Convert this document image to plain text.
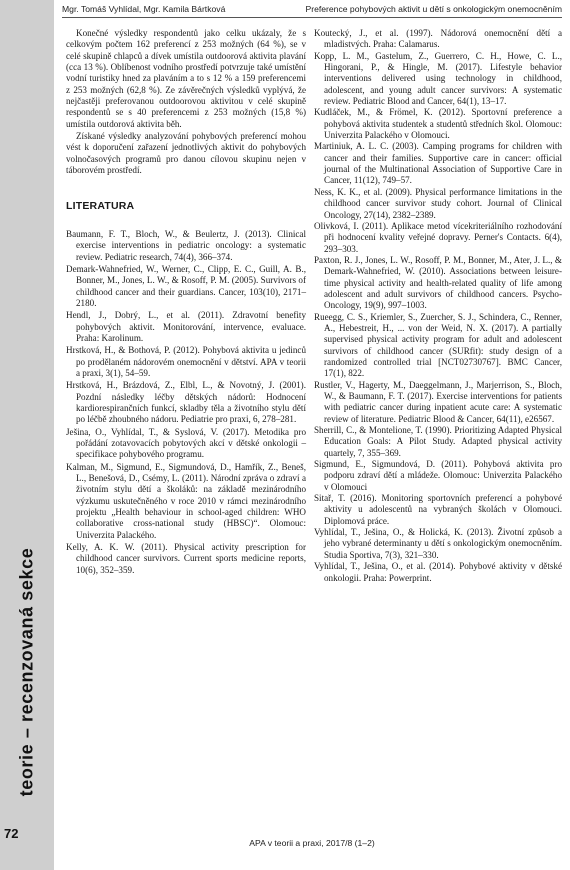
teorie – recenzovaná sekce
72
Mgr. Tomáš Vyhlídal, Mgr. Kamila Bártková	Preference pohybových aktivit u dětí s onkologickým onemocněním

Konečné výsledky respondentů jako celku ukázaly, že s celkovým počtem 162 preferencí z 253 možných (64 %), se v celé skupině chlapců a dívek umístila outdoorová aktivita plavání (cca 13 %). Oblíbenost vodního prostředí potvrzuje také umístění vodní turistiky hned za plaváním a to s 12 % a 159 preferencemi z 253 možných (62,8 %). Ze závěrečných výsledků vyplývá, že nejčastěji preferovanou outdoorovou aktivitou v celé skupině respondentů se s 40 preferencemi z 253 možných (15,8 %) umístila outdorová aktivita běh.

Získané výsledky analyzování pohybových preferencí mohou vést k doporučení zařazení jednotlivých aktivit do pohybových volnočasových programů pro danou cílovou skupinu nejen v táborovém prostředí.

LITERATURA

Baumann, F. T., Bloch, W., & Beulertz, J. (2013). Clinical exercise interventions in pediatric oncology: a systematic review. Pediatric research, 74(4), 366–374.

Demark-Wahnefried, W., Werner, C., Clipp, E. C., Guill, A. B., Bonner, M., Jones, L. W., & Rosoff, P. M. (2005). Survivors of childhood cancer and their guardians. Cancer, 103(10), 2171–2180.

Hendl, J., Dobrý, L., et al. (2011). Zdravotní benefity pohybových aktivit. Monitorování, intervence, evaluace. Praha: Karolinum.

Hrstková, H., & Bothová, P. (2012). Pohybová aktivita u jedinců po prodělaném nádorovém onemocnění v dětství. APA v teorii a praxi, 3(1), 54–59.

Hrstková, H., Brázdová, Z., Elbl, L., & Novotný, J. (2001). Pozdní následky léčby dětských nádorů: Hodnocení kardiorespirančních funkcí, skladby těla a životního stylu dětí po léčbě zhoubného nádoru. Pediatrie pro praxi, 6, 278–281.

Ješina, O., Vyhlídal, T., & Syslová, V. (2017). Metodika pro pořádání zotavovacích pobytových akcí v dětské onkologii – specifikace pohybového programu.

Kalman, M., Sigmund, E., Sigmundová, D., Hamřík, Z., Beneš, L., Benešová, D., Csémy, L. (2011). Národní zpráva o zdraví a životním stylu dětí a školáků: na základě mezinárodního výzkumu uskutečněného v roce 2010 v rámci mezinárodního projektu „Health behaviour in school-aged children: WHO collaborative cross-national study (HBSC)“. Olomouc: Univerzita Palackého.

Kelly, A. K. W. (2011). Physical activity prescription for childhood cancer survivors. Current sports medicine reports, 10(6), 352–359.

Koutecký, J., et al. (1997). Nádorová onemocnění dětí a mladistvých. Praha: Calamarus.

Kopp, L. M., Gastelum, Z., Guerrero, C. H., Howe, C. L., Hingorani, P., & Hingle, M. (2017). Lifestyle behavior interventions delivered using technology in childhood, adolescent, and young adult cancer survivors: A systematic review. Pediatric Blood and Cancer, 64(1), 13–17.

Kudláček, M., & Frömel, K. (2012). Sportovní preference a pohybová aktivita studentek a studentů středních škol. Olomouc: Univerzita Palackého v Olomouci.

Martiniuk, A. L. C. (2003). Camping programs for children with cancer and their families. Supportive care in cancer: official journal of the Multinational Association of Supportive Care in Cancer, 11(12), 749–57.

Ness, K. K., et al. (2009). Physical performance limitations in the childhood cancer survivor study cohort. Journal of Clinical Oncology, 27(14), 2382–2389.

Olivková, I. (2011). Aplikace metod vícekriteriálního rozhodování při hodnocení kvality veřejné dopravy. Perner's Contacts. 6(4), 293–303.

Paxton, R. J., Jones, L. W., Rosoff, P. M., Bonner, M., Ater, J. L., & Demark-Wahnefried, W. (2010). Associations between leisure-time physical activity and health-related quality of life among adolescent and adult survivors of childhood cancers. Psycho-Oncology, 19(9), 997–1003.

Rueegg, C. S., Kriemler, S., Zuercher, S. J., Schindera, C., Renner, A., Hebestreit, H., ... von der Weid, N. X. (2017). A partially supervised physical activity program for adult and adolescent survivors of childhood cancer (SURfit): study design of a randomized controlled trial [NCT02730767]. BMC Cancer, 17(1), 822.

Rustler, V., Hagerty, M., Daeggelmann, J., Marjerrison, S., Bloch, W., & Baumann, F. T. (2017). Exercise interventions for patients with pediatric cancer during inpatient acute care: A systematic review of literature. Pediatric Blood & Cancer, 64(11), e26567.

Sherrill, C., & Montelione, T. (1990). Prioritizing Adapted Physical Education Goals: A Pilot Study. Adapted physical activity quartely, 7, 355–369.

Sigmund, E., Sigmundová, D. (2011). Pohybová aktivita pro podporu zdraví dětí a mládeže. Olomouc: Univerzita Palackého v Olomouci

Sitař, T. (2016). Monitoring sportovních preferencí a pohybové aktivity u adolescentů na vybraných školách v Olomouci. Diplomová práce.

Vyhlídal, T., Ješina, O., & Holická, K. (2013). Životní způsob a jeho vybrané determinanty u dětí s onkologickým onemocněním. Studia Sportiva, 7(3), 321–330.

Vyhlídal, T., Ješina, O., et al. (2014). Pohybové aktivity v dětské onkologii. Praha: Powerprint.

APA v teorii a praxi, 2017/8 (1–2)
